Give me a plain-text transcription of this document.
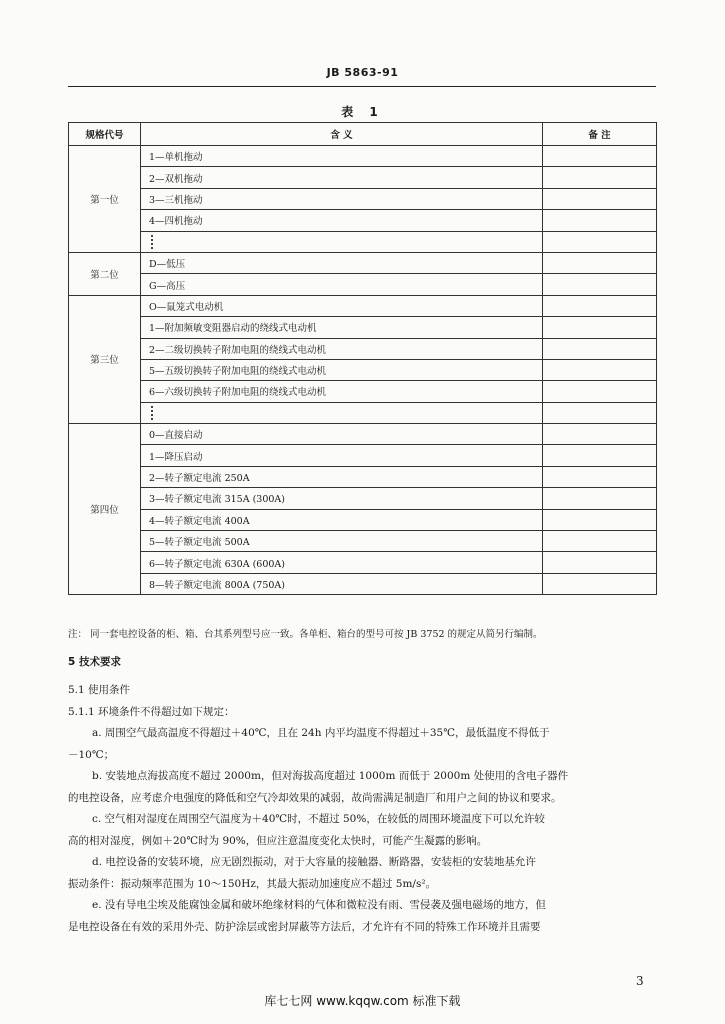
JB 5863-91
表 1
规格代号	含 义	备 注
第一位	1—单机拖动	
	2—双机拖动	
	3—三机拖动	
	4—四机拖动	

第二位	D—低压	
	G—高压	
第三位	O—鼠笼式电动机	
	1—附加频敏变阻器启动的绕线式电动机	
	2—二级切换转子附加电阻的绕线式电动机	
	5—五级切换转子附加电阻的绕线式电动机	
	6—六级切换转子附加电阻的绕线式电动机	

第四位	0—直接启动	
	1—降压启动	
	2—转子额定电流 250A	
	3—转子额定电流 315A (300A)	
	4—转子额定电流 400A	
	5—转子额定电流 500A	
	6—转子额定电流 630A (600A)	
	8—转子额定电流 800A (750A)	
注： 同一套电控设备的柜、箱、台其系列型号应一致。各单柜、箱台的型号可按 JB 3752 的规定从简另行编制。
5 技术要求

5.1 使用条件

5.1.1 环境条件不得超过如下规定：

a. 周围空气最高温度不得超过＋40℃，且在 24h 内平均温度不得超过＋35℃，最低温度不得低于

－10℃；

b. 安装地点海拔高度不超过 2000m，但对海拔高度超过 1000m 而低于 2000m 处使用的含电子器件

的电控设备，应考虑介电强度的降低和空气冷却效果的减弱，故尚需满足制造厂和用户之间的协议和要求。

c. 空气相对湿度在周围空气温度为＋40℃时，不超过 50%，在较低的周围环境温度下可以允许较

高的相对湿度，例如＋20℃时为 90%，但应注意温度变化太快时，可能产生凝露的影响。

d. 电控设备的安装环境，应无剧烈振动，对于大容量的接触器、断路器，安装柜的安装地基允许

振动条件：振动频率范围为 10～150Hz，其最大振动加速度应不超过 5m/s²。

e. 没有导电尘埃及能腐蚀金属和破坏绝缘材料的气体和微粒没有雨、雪侵袭及强电磁场的地方，但

是电控设备在有效的采用外壳、防护涂层或密封屏蔽等方法后，才允许有不同的特殊工作环境并且需要

3
库七七网 www.kqqw.com 标准下载
